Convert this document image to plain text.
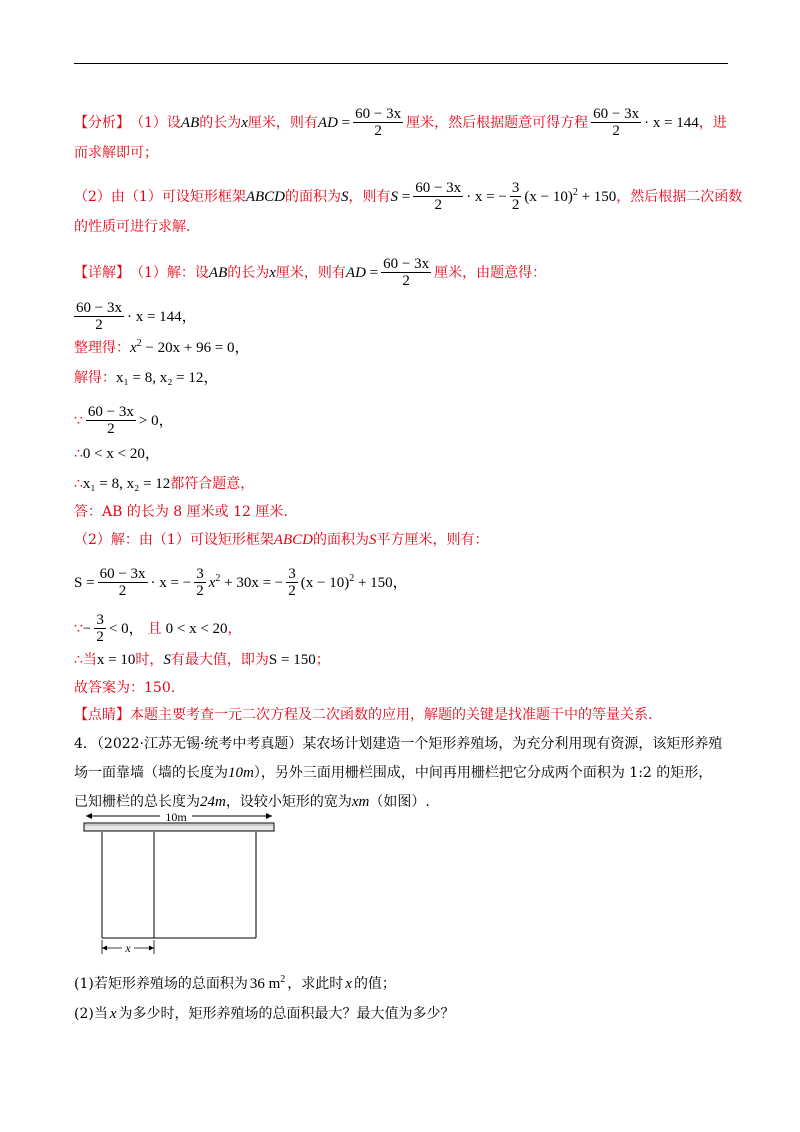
【分析】 （1）设 AB 的长为 x 厘米，则有 AD = $\frac{60 - 3x}{2}$ 厘米，然后根据题意可得方程 $\frac{60 - 3x}{2} \cdot x = 144$ ，进
而求解即可；
（2）由（1）可设矩形框架 ABCD 的面积为 S ，则有 $S = \frac{60 - 3x}{2} \cdot x$ = − $\frac{3}{2} (x - 10)^2 + 150$ ，然后根据二次函数
的性质可进行求解.
【详解】 （1）解：设 AB 的长为 x 厘米，则有 AD = $\frac{60 - 3x}{2}$ 厘米，由题意得：
$\frac{60 - 3x}{2} \cdot x = 144$，
整理得： $x^2 - 20x + 96 = 0$，
解得： x₁ = 8, x₂ = 12，
∵ $\frac{60 - 3x}{2} > 0$，
∴ 0 < x < 20，
∴ x₁ = 8, x₂ = 12 都符合题意，
答：AB 的长为 8 厘米或 12 厘米.
（2）解：由（1）可设矩形框架 ABCD 的面积为 S 平方厘米，则有：
$S = \frac{60 - 3x}{2} \cdot x$ = − $\frac{3}{2} x^2 + 30x$ = − $\frac{3}{2} (x - 10)^2 + 150$，
∵ − $\frac{3}{2} < 0$， 且 0 < x < 20 ，
∴ 当 x = 10 时， S 有最大值，即为 S = 150 ；
故答案为：150.
【点睛】 本题主要考查一元二次方程及二次函数的应用，解题的关键是找准题干中的等量关系.
4．（2022·江苏无锡·统考中考真题）某农场计划建造一个矩形养殖场，为充分利用现有资源，该矩形养殖
场一面靠墙（墙的长度为 10m ），另外三面用栅栏围成，中间再用栅栏把它分成两个面积为 1:2 的矩形，
已知栅栏的总长度为 24m ，设较小矩形的宽为 xm （如图）.
10m
x
(1)若矩形养殖场的总面积为 36 $m^2$ ，求此时 x 的值；
(2)当 x 为多少时，矩形养殖场的总面积最大？最大值为多少？
